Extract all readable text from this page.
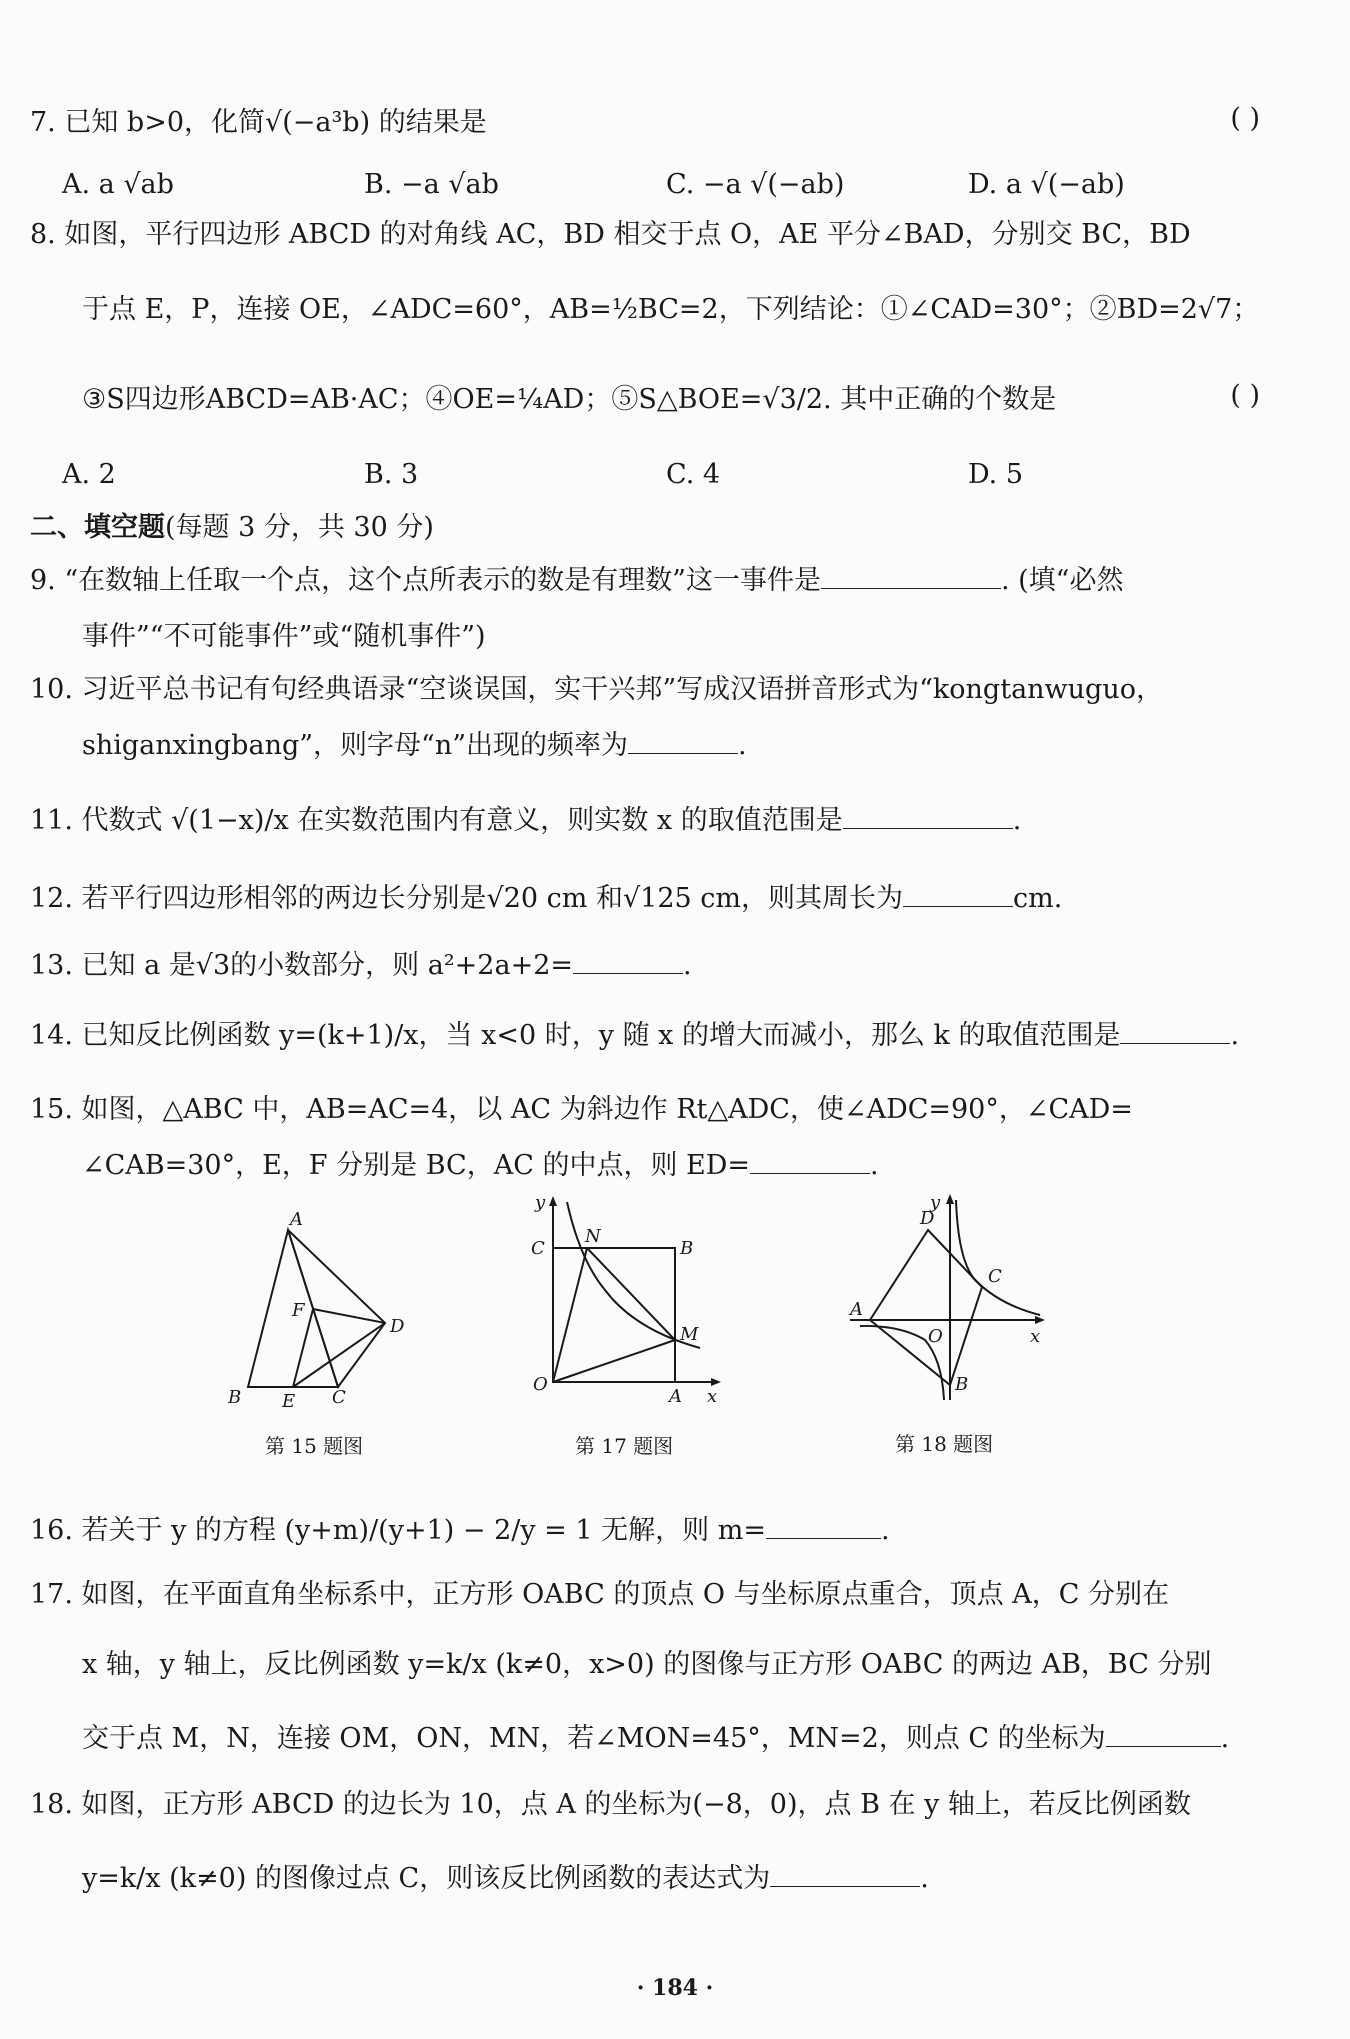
7. 已知 b>0，化简√(−a³b) 的结果是	( )
A. a √ab	B. −a √ab	C. −a √(−ab)	D. a √(−ab)
8. 如图，平行四边形 ABCD 的对角线 AC，BD 相交于点 O，AE 平分∠BAD，分别交 BC，BD
于点 E，P，连接 OE，∠ADC=60°，AB=½BC=2，下列结论：①∠CAD=30°；②BD=2√7；
③S四边形ABCD=AB·AC；④OE=¼AD；⑤S△BOE=√3/2. 其中正确的个数是	( )
A. 2	B. 3	C. 4	D. 5
二、填空题(每题 3 分，共 30 分)
9. “在数轴上任取一个点，这个点所表示的数是有理数”这一事件是	. (填“必然
事件”“不可能事件”或“随机事件”)
10. 习近平总书记有句经典语录“空谈误国，实干兴邦”写成汉语拼音形式为“kongtanwuguo，
shiganxingbang”，则字母“n”出现的频率为	.
11. 代数式 √(1−x)/x 在实数范围内有意义，则实数 x 的取值范围是	.
12. 若平行四边形相邻的两边长分别是√20 cm 和√125 cm，则其周长为	cm.
13. 已知 a 是√3的小数部分，则 a²+2a+2=	.
14. 已知反比例函数 y=(k+1)/x，当 x<0 时，y 随 x 的增大而减小，那么 k 的取值范围是	.
15. 如图，△ABC 中，AB=AC=4，以 AC 为斜边作 Rt△ADC，使∠ADC=90°，∠CAD=
∠CAB=30°，E，F 分别是 BC，AC 的中点，则 ED=	.
A
F
D
B E C
第 15 题图
y
C
N
B
M
O
A x
第 17 题图
y
D
A
C
O	x
B
第 18 题图
16. 若关于 y 的方程 (y+m)/(y+1) − 2/y = 1 无解，则 m=	.
17. 如图，在平面直角坐标系中，正方形 OABC 的顶点 O 与坐标原点重合，顶点 A，C 分别在
x 轴，y 轴上，反比例函数 y=k/x (k≠0，x>0) 的图像与正方形 OABC 的两边 AB，BC 分别
交于点 M，N，连接 OM，ON，MN，若∠MON=45°，MN=2，则点 C 的坐标为	.
18. 如图，正方形 ABCD 的边长为 10，点 A 的坐标为(−8，0)，点 B 在 y 轴上，若反比例函数
y=k/x (k≠0) 的图像过点 C，则该反比例函数的表达式为	.
· 184 ·
